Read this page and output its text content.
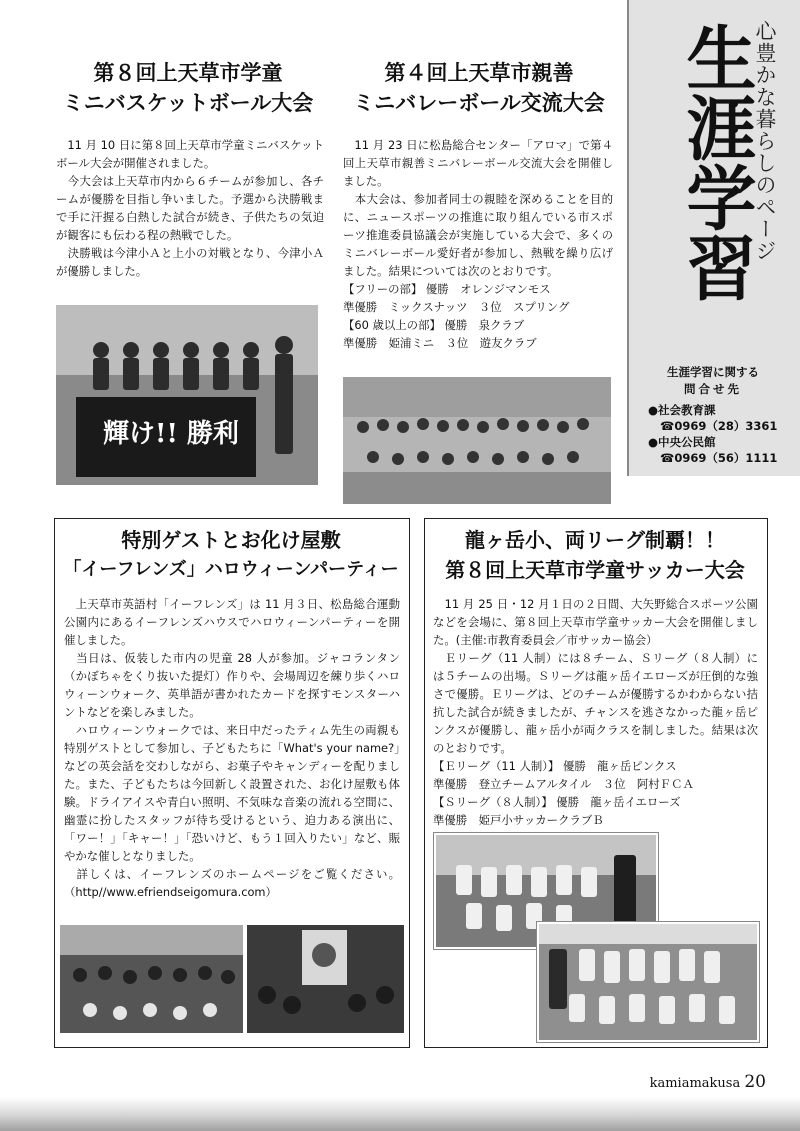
心豊かな暮らしのページ
生涯学習
生涯学習に関する
問合せ先
●社会教育課
☎0969（28）3361
●中央公民館
☎0969（56）1111
第８回上天草市学童
ミニバスケットボール大会

　11 月 10 日に第８回上天草市学童ミニバスケットボール大会が開催されました。

　今大会は上天草市内から６チームが参加し、各チームが優勝を目指し争いました。予選から決勝戦まで手に汗握る白熱した試合が続き、子供たちの気迫が観客にも伝わる程の熱戦でした。

　決勝戦は今津小Ａと上小の対戦となり、今津小Ａが優勝しました。

輝け!! 勝利
第４回上天草市親善
ミニバレーボール交流大会

　11 月 23 日に松島総合センター「アロマ」で第４回上天草市親善ミニバレーボール交流大会を開催しました。

　本大会は、参加者同士の親睦を深めることを目的に、ニュースポーツの推進に取り組んでいる市スポーツ推進委員協議会が実施している大会で、多くのミニバレーボール愛好者が参加し、熱戦を繰り広げました。結果については次のとおりです。

【フリーの部】 優勝　オレンジマンモス

準優勝　ミックスナッツ　３位　スプリング

【60 歳以上の部】 優勝　泉クラブ

準優勝　姫浦ミニ　３位　遊友クラブ

特別ゲストとお化け屋敷
「イーフレンズ」ハロウィーンパーティー

　上天草市英語村「イーフレンズ」は 11 月３日、松島総合運動公園内にあるイーフレンズハウスでハロウィーンパーティーを開催しました。

　当日は、仮装した市内の児童 28 人が参加。ジャコランタン（かぼちゃをくり抜いた提灯）作りや、会場周辺を練り歩くハロウィーンウォーク、英単語が書かれたカードを探すモンスターハントなどを楽しみました。

　ハロウィーンウォークでは、来日中だったティム先生の両親も特別ゲストとして参加し、子どもたちに「What's your name?」などの英会話を交わしながら、お菓子やキャンディーを配りました。また、子どもたちは今回新しく設置された、お化け屋敷も体験。ドライアイスや青白い照明、不気味な音楽の流れる空間に、幽霊に扮したスタッフが待ち受けるという、迫力ある演出に、「ワー！」「キャー！」「恐いけど、もう１回入りたい」など、賑やかな催しとなりました。

　詳しくは、イーフレンズのホームページをご覧ください。（http//www.efriendseigomura.com）

龍ヶ岳小、両リーグ制覇！！
第８回上天草市学童サッカー大会

　11 月 25 日・12 月１日の２日間、大矢野総合スポーツ公園などを会場に、第８回上天草市学童サッカー大会を開催しました。(主催:市教育委員会／市サッカー協会）

　Ｅリーグ（11 人制）には８チーム、Ｓリーグ（８人制）には５チームの出場。Ｓリーグは龍ヶ岳イエローズが圧倒的な強さで優勝。Ｅリーグは、どのチームが優勝するかわからない拮抗した試合が続きましたが、チャンスを逃さなかった龍ヶ岳ピンクスが優勝し、龍ヶ岳小が両クラスを制しました。結果は次のとおりです。

【Ｅリーグ（11 人制）】 優勝　龍ヶ岳ピンクス

準優勝　登立チームアルタイル　３位　阿村ＦＣＡ

【Ｓリーグ（８人制）】 優勝　龍ヶ岳イエローズ

準優勝　姫戸小サッカークラブＢ

kamiamakusa 20
